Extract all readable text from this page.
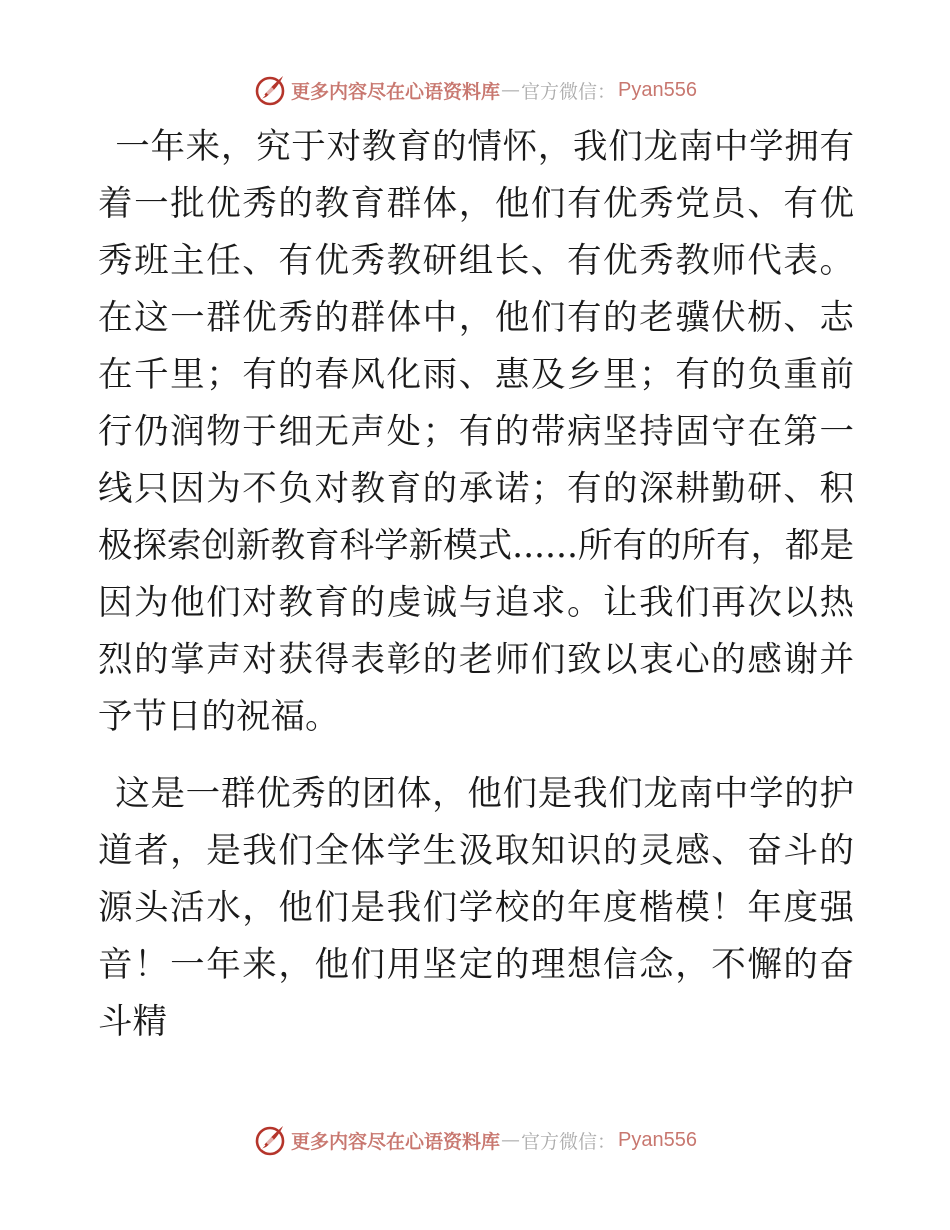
更多内容尽在心语资料库 — 官方微信： Pyan556

一年来，究于对教育的情怀，我们龙南中学拥有着一批优秀的教育群体，他们有优秀党员、有优秀班主任、有优秀教研组长、有优秀教师代表。在这一群优秀的群体中，他们有的老骥伏枥、志在千里；有的春风化雨、惠及乡里；有的负重前行仍润物于细无声处；有的带病坚持固守在第一线只因为不负对教育的承诺；有的深耕勤研、积极探索创新教育科学新模式......所有的所有，都是因为他们对教育的虔诚与追求。让我们再次以热烈的掌声对获得表彰的老师们致以衷心的感谢并予节日的祝福。

这是一群优秀的团体，他们是我们龙南中学的护道者，是我们全体学生汲取知识的灵感、奋斗的源头活水，他们是我们学校的年度楷模！年度强音！一年来，他们用坚定的理想信念，不懈的奋斗精

更多内容尽在心语资料库 — 官方微信： Pyan556
